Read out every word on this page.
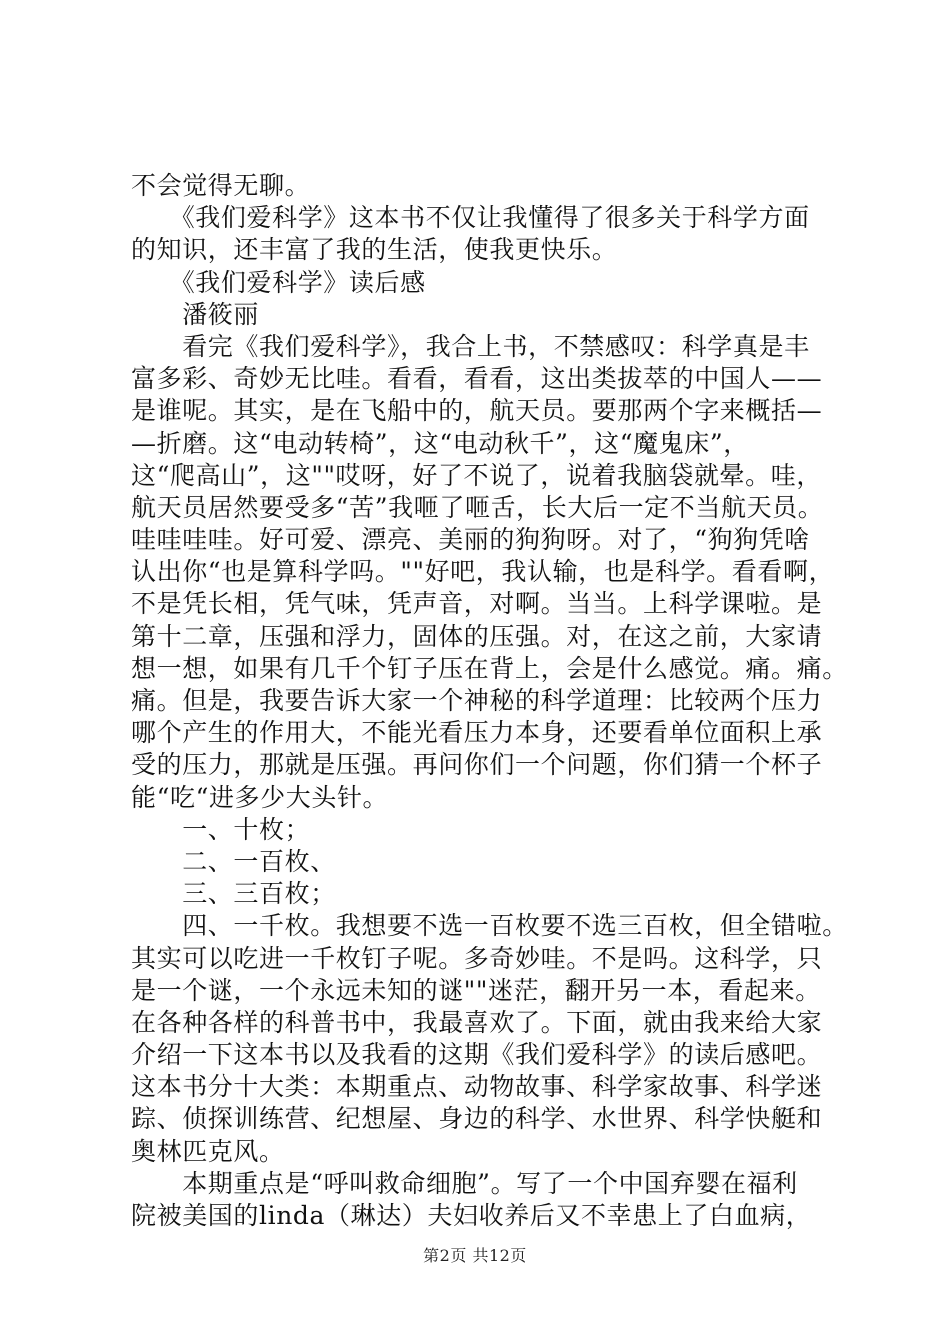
不会觉得无聊。
　　《我们爱科学》这本书不仅让我懂得了很多关于科学方面
的知识，还丰富了我的生活，使我更快乐。
　　《我们爱科学》读后感
　　潘筱丽
　　看完《我们爱科学》，我合上书，不禁感叹：科学真是丰
富多彩、奇妙无比哇。看看，看看，这出类拔萃的中国人——
是谁呢。其实，是在飞船中的，航天员。要那两个字来概括—
—折磨。这“电动转椅”，这“电动秋千”，这“魔鬼床”，
这“爬高山”，这""哎呀，好了不说了，说着我脑袋就晕。哇，
航天员居然要受多“苦”我咂了咂舌，长大后一定不当航天员。
哇哇哇哇。好可爱、漂亮、美丽的狗狗呀。对了，“狗狗凭啥
认出你“也是算科学吗。""好吧，我认输，也是科学。看看啊，
不是凭长相，凭气味，凭声音，对啊。当当。上科学课啦。是
第十二章，压强和浮力，固体的压强。对，在这之前，大家请
想一想，如果有几千个钉子压在背上，会是什么感觉。痛。痛。
痛。但是，我要告诉大家一个神秘的科学道理：比较两个压力
哪个产生的作用大，不能光看压力本身，还要看单位面积上承
受的压力，那就是压强。再问你们一个问题，你们猜一个杯子
能“吃“进多少大头针。
　　一、十枚；
　　二、一百枚、
　　三、三百枚；
　　四、一千枚。我想要不选一百枚要不选三百枚，但全错啦。
其实可以吃进一千枚钉子呢。多奇妙哇。不是吗。这科学，只
是一个谜，一个永远未知的谜""迷茫，翻开另一本，看起来。
在各种各样的科普书中，我最喜欢了。下面，就由我来给大家
介绍一下这本书以及我看的这期《我们爱科学》的读后感吧。
这本书分十大类：本期重点、动物故事、科学家故事、科学迷
踪、侦探训练营、纪想屋、身边的科学、水世界、科学快艇和
奥林匹克风。
　　本期重点是“呼叫救命细胞”。写了一个中国弃婴在福利
院被美国的linda（琳达）夫妇收养后又不幸患上了白血病，
第2页 共12页
